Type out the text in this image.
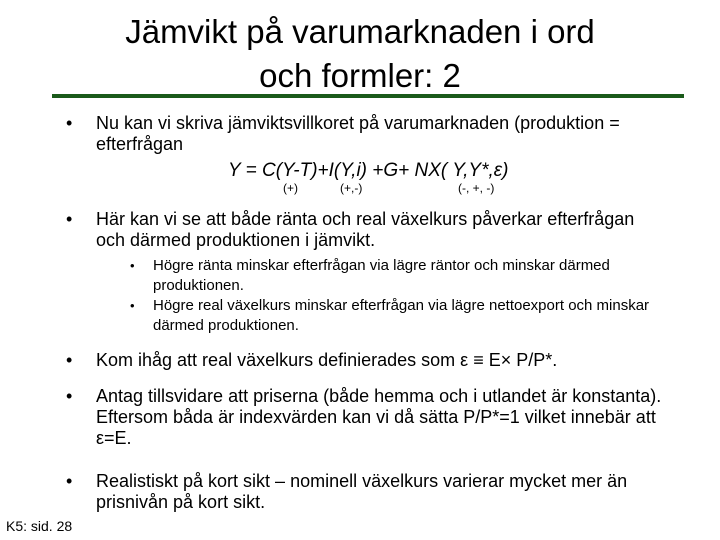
Jämvikt på varumarknaden i ord
och formler: 2
• Nu kan vi skriva jämviktsvillkoret på varumarknaden (produktion = efterfrågan
Y = C(Y-T)+I(Y,i) +G+ NX( Y,Y*,ε)
(+)	(+,-)	(-, +, -)
• Här kan vi se att både ränta och real växelkurs påverkar efterfrågan och därmed produktionen i jämvikt.
• Högre ränta minskar efterfrågan via lägre räntor och minskar därmed produktionen.
• Högre real växelkurs minskar efterfrågan via lägre nettoexport och minskar därmed produktionen.
• Kom ihåg att real växelkurs definierades som ε ≡ E× P/P*.
• Antag tillsvidare att priserna (både hemma och i utlandet är konstanta). Eftersom båda är indexvärden kan vi då sätta P/P*=1 vilket innebär att ε=E.
• Realistiskt på kort sikt – nominell växelkurs varierar mycket mer än prisnivån på kort sikt.
K5: sid. 28
